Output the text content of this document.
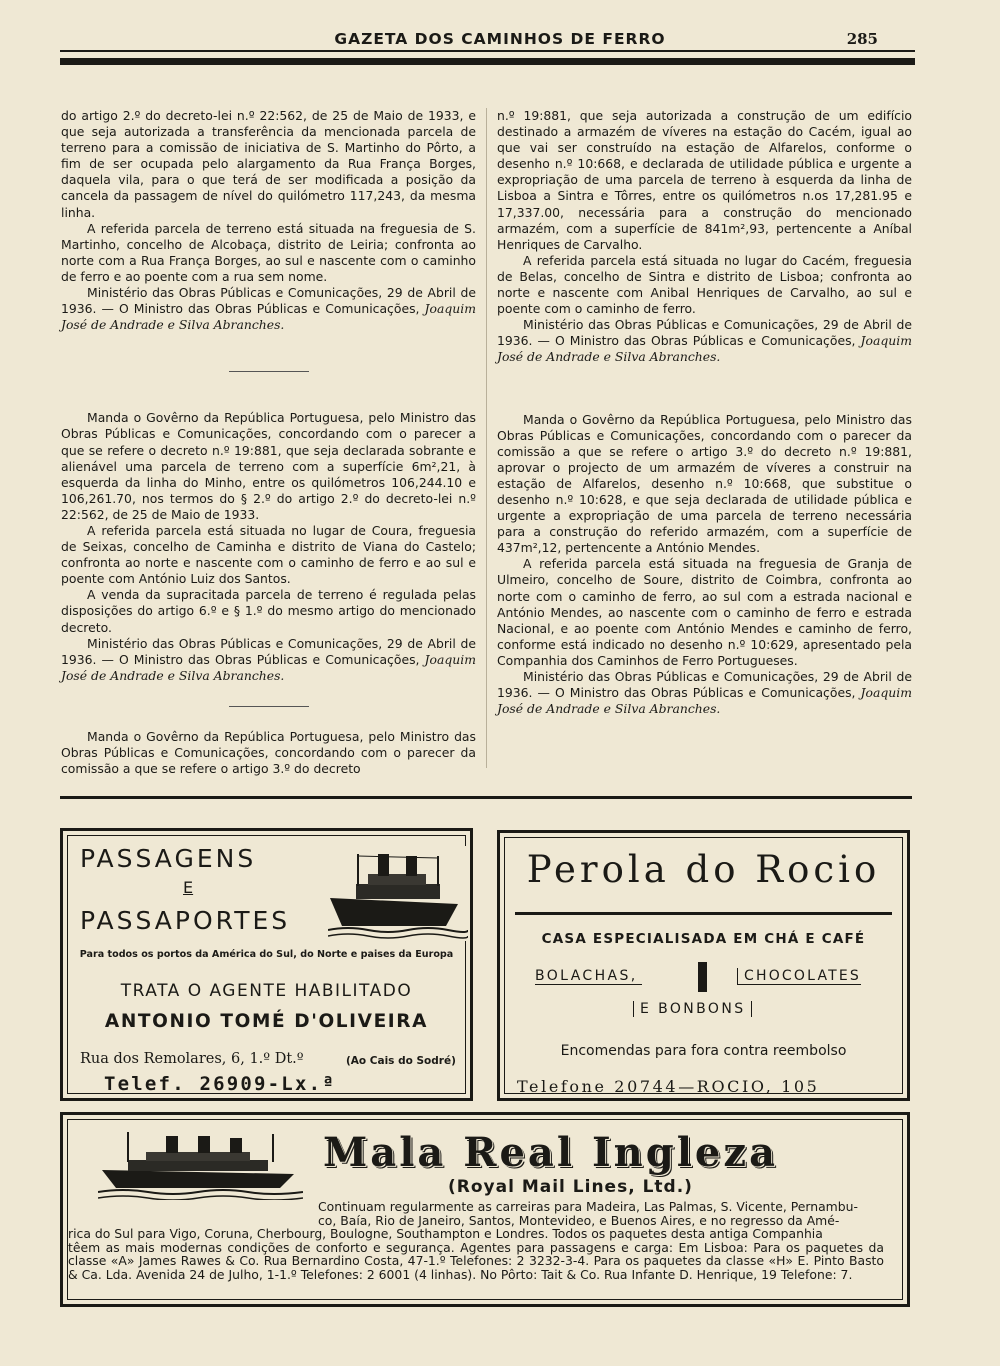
GAZETA DOS CAMINHOS DE FERRO	285

do artigo 2.º do decreto-lei n.º 22:562, de 25 de Maio de 1933, e que seja autorizada a transferência da mencionada parcela de terreno para a comissão de iniciativa de S. Martinho do Pôrto, a fim de ser ocupada pelo alargamento da Rua França Borges, daquela vila, para o que terá de ser modificada a posição da cancela da passagem de nível do quilómetro 117,243, da mesma linha.

A referida parcela de terreno está situada na freguesia de S. Martinho, concelho de Alcobaça, distrito de Leiria; confronta ao norte com a Rua França Borges, ao sul e nascente com o caminho de ferro e ao poente com a rua sem nome.

Ministério das Obras Públicas e Comunicações, 29 de Abril de 1936. — O Ministro das Obras Públicas e Comunicações, Joaquim José de Andrade e Silva Abranches.

Manda o Govêrno da República Portuguesa, pelo Ministro das Obras Públicas e Comunicações, concordando com o parecer a que se refere o decreto n.º 19:881, que seja declarada sobrante e alienável uma parcela de terreno com a superfície 6m²,21, à esquerda da linha do Minho, entre os quilómetros 106,244.10 e 106,261.70, nos termos do § 2.º do artigo 2.º do decreto-lei n.º 22:562, de 25 de Maio de 1933.

A referida parcela está situada no lugar de Coura, freguesia de Seixas, concelho de Caminha e distrito de Viana do Castelo; confronta ao norte e nascente com o caminho de ferro e ao sul e poente com António Luiz dos Santos.

A venda da supracitada parcela de terreno é regulada pelas disposições do artigo 6.º e § 1.º do mesmo artigo do mencionado decreto.

Ministério das Obras Públicas e Comunicações, 29 de Abril de 1936. — O Ministro das Obras Públicas e Comunicações, Joaquim José de Andrade e Silva Abranches.

Manda o Govêrno da República Portuguesa, pelo Ministro das Obras Públicas e Comunicações, concordando com o parecer da comissão a que se refere o artigo 3.º do decreto

n.º 19:881, que seja autorizada a construção de um edifício destinado a armazém de víveres na estação do Cacém, igual ao que vai ser construído na estação de Alfarelos, conforme o desenho n.º 10:668, e declarada de utilidade pública e urgente a expropriação de uma parcela de terreno à esquerda da linha de Lisboa a Sintra e Tôrres, entre os quilómetros n.os 17,281.95 e 17,337.00, necessária para a construção do mencionado armazém, com a superfície de 841m²,93, pertencente a Aníbal Henriques de Carvalho.

A referida parcela está situada no lugar do Cacém, freguesia de Belas, concelho de Sintra e distrito de Lisboa; confronta ao norte e nascente com Anibal Henriques de Carvalho, ao sul e poente com o caminho de ferro.

Ministério das Obras Públicas e Comunicações, 29 de Abril de 1936. — O Ministro das Obras Públicas e Comunicações, Joaquim José de Andrade e Silva Abranches.

Manda o Govêrno da República Portuguesa, pelo Ministro das Obras Públicas e Comunicações, concordando com o parecer da comissão a que se refere o artigo 3.º do decreto n.º 19:881, aprovar o projecto de um armazém de víveres a construir na estação de Alfarelos, desenho n.º 10:668, que substitue o desenho n.º 10:628, e que seja declarada de utilidade pública e urgente a expropriação de uma parcela de terreno necessária para a construção do referido armazém, com a superfície de 437m²,12, pertencente a António Mendes.

A referida parcela está situada na freguesia de Granja de Ulmeiro, concelho de Soure, distrito de Coimbra, confronta ao norte com o caminho de ferro, ao sul com a estrada nacional e António Mendes, ao nascente com o caminho de ferro e estrada Nacional, e ao poente com António Mendes e caminho de ferro, conforme está indicado no desenho n.º 10:629, apresentado pela Companhia dos Caminhos de Ferro Portugueses.

Ministério das Obras Públicas e Comunicações, 29 de Abril de 1936. — O Ministro das Obras Públicas e Comunicações, Joaquim José de Andrade e Silva Abranches.

PASSAGENS
E
PASSAPORTES
Para todos os portos da América do Sul, do Norte e paises da Europa
TRATA O AGENTE HABILITADO
ANTONIO TOMÉ D'OLIVEIRA
Rua dos Remolares, 6, 1.º Dt.º	(Ao Cais do Sodré)
Telef. 26909-Lx.ª
Perola do Rocio
CASA ESPECIALISADA EM CHÁ E CAFÉ
BOLACHAS,	CHOCOLATES
E BONBONS
Encomendas para fora contra reembolso
Telefone 20744—ROCIO, 105
Mala Real Ingleza
(Royal Mail Lines, Ltd.)
Continuam regularmente as carreiras para Madeira, Las Palmas, S. Vicente, Pernambu-
co, Baía, Rio de Janeiro, Santos, Montevideo, e Buenos Aires, e no regresso da Amé-
rica do Sul para Vigo, Coruna, Cherbourg, Boulogne, Southampton e Londres. Todos os paquetes desta antiga Companhia
têem as mais modernas condições de conforto e segurança. Agentes para passagens e carga: Em Lisboa: Para os paquetes da classe «A» James Rawes & Co. Rua Bernardino Costa, 47-1.º Telefones: 2 3232-3-4. Para os paquetes da classe «H» E. Pinto Basto & Ca. Lda. Avenida 24 de Julho, 1-1.º Telefones: 2 6001 (4 linhas). No Pôrto: Tait & Co. Rua Infante D. Henrique, 19 Telefone: 7.
